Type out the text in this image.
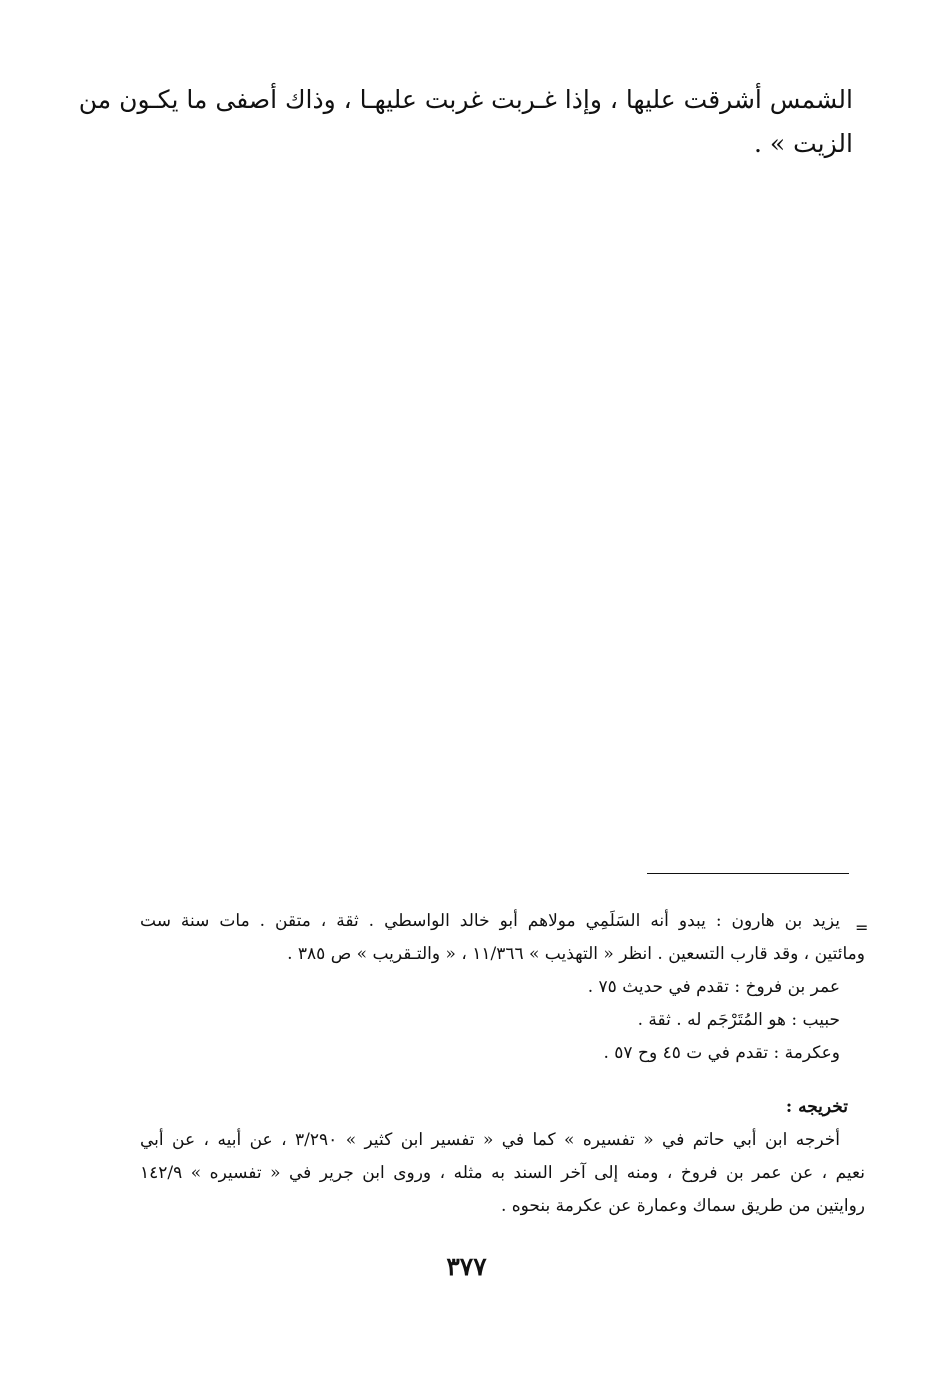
الشمس أشرقت عليها ، وإذا غـربت غربت عليهـا ، وذاك أصفى ما يكـون من
الزيت » .
=
يزيد بن هارون : يبدو أنه السَلَمِي مولاهم أبو خالد الواسطي . ثقة ، متقن . مات سنة ست
ومائتين ، وقد قارب التسعين . انظر « التهذيب » ١١/٣٦٦ ، « والتـقريب » ص ٣٨٥ .
عمر بن فروخ : تقدم في حديث ٧٥ .
حبيب : هو المُتَرْجَم له . ثقة .
وعكرمة : تقدم في ت ٤٥ وح ٥٧ .
تخريجه :
أخرجه ابن أبي حاتم في « تفسيره » كما في « تفسير ابن كثير » ٣/٢٩٠ ، عن أبيه ، عن أبي
نعيم ، عن عمر بن فروخ ، ومنه إلى آخر السند به مثله ، وروى ابن جرير في « تفسيره » ١٤٢/٩
روايتين من طريق سماك وعمارة عن عكرمة بنحوه .
٣٧٧
